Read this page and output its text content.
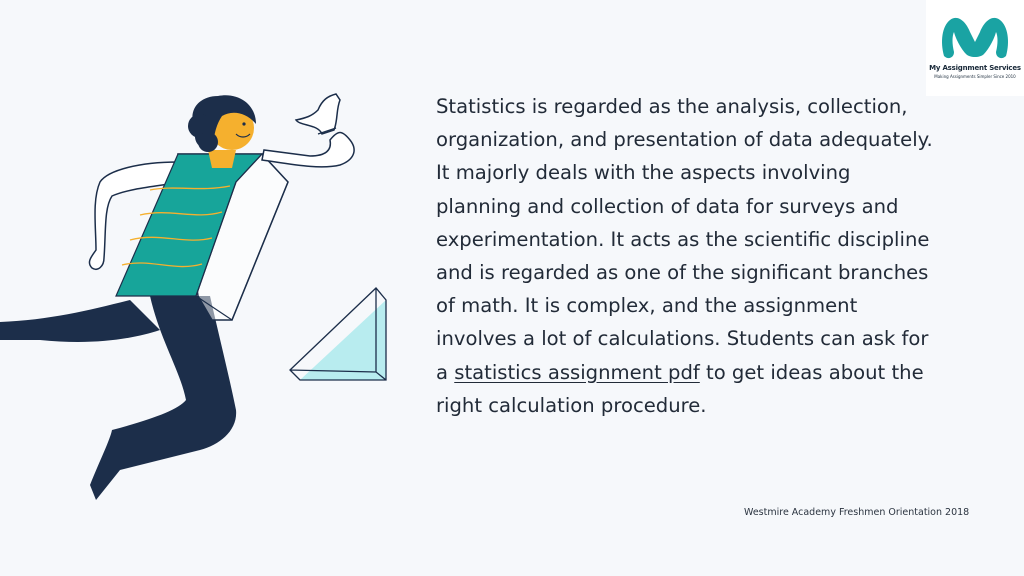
My Assignment Services
Making Assignments Simpler Since 2010

Statistics is regarded as the analysis, collection, organization, and presentation of data adequately. It majorly deals with the aspects involving planning and collection of data for surveys and experimentation. It acts as the scientific discipline and is regarded as one of the significant branches of math. It is complex, and the assignment involves a lot of calculations. Students can ask for a statistics assignment pdf to get ideas about the right calculation procedure.

Westmire Academy Freshmen Orientation 2018
